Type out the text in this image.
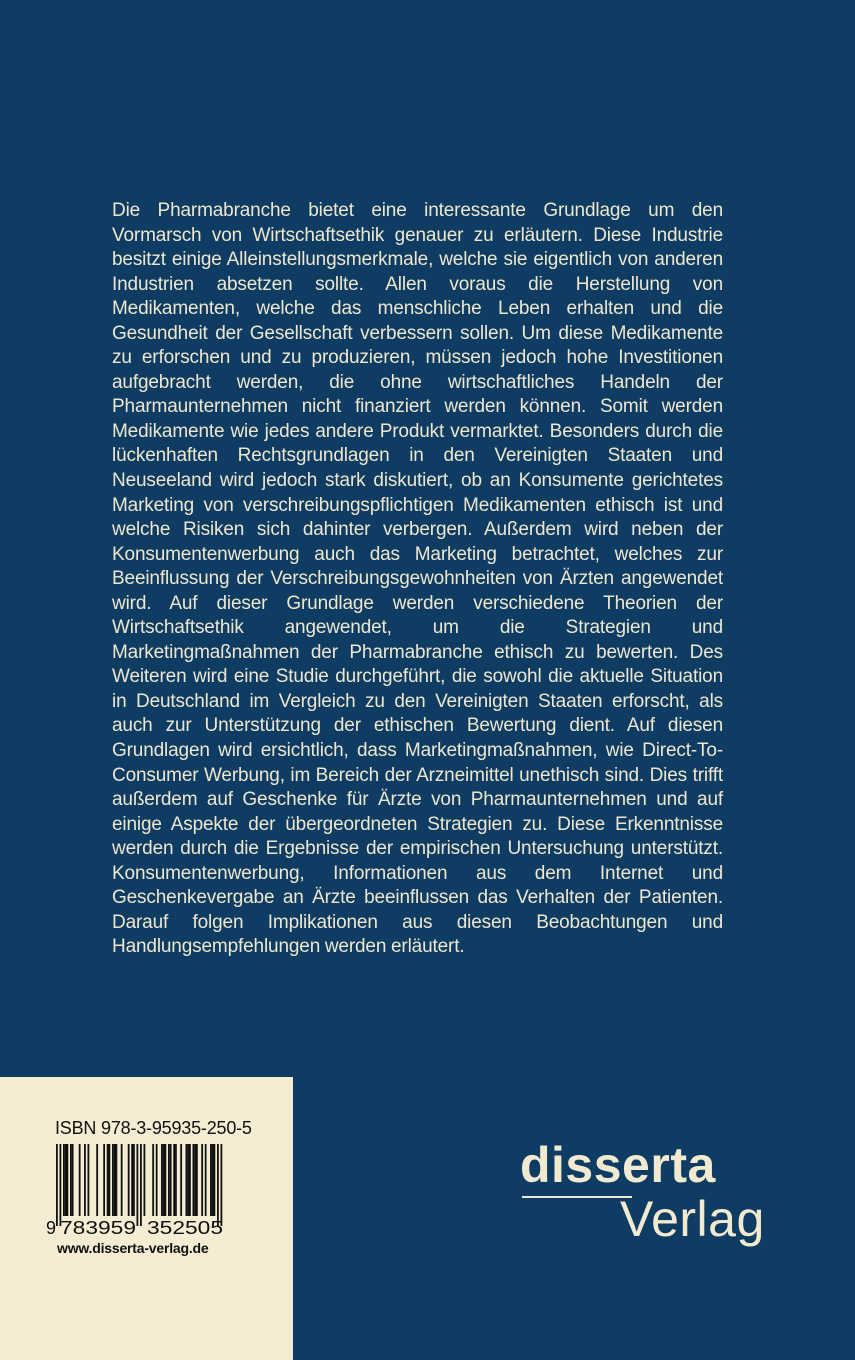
Die Pharmabranche bietet eine interessante Grundlage um den Vormarsch von Wirtschaftsethik genauer zu erläutern. Diese Industrie besitzt einige Alleinstellungsmerkmale, welche sie eigentlich von anderen Industrien absetzen sollte. Allen voraus die Herstellung von Medikamenten, welche das menschliche Leben erhalten und die Gesundheit der Gesellschaft verbessern sollen. Um diese Medikamente zu erforschen und zu produzieren, müssen jedoch hohe Investitionen aufgebracht werden, die ohne wirtschaftliches Handeln der Pharmaunternehmen nicht finanziert werden können. Somit werden Medikamente wie jedes andere Produkt vermarktet. Besonders durch die lückenhaften Rechtsgrundlagen in den Vereinigten Staaten und Neuseeland wird jedoch stark diskutiert, ob an Konsumente gerichtetes Marketing von verschreibungspflichtigen Medikamenten ethisch ist und welche Risiken sich dahinter verbergen. Außerdem wird neben der Konsumentenwerbung auch das Marketing betrachtet, welches zur Beeinflussung der Verschreibungsgewohnheiten von Ärzten angewendet wird. Auf dieser Grundlage werden verschiedene Theorien der Wirtschaftsethik angewendet, um die Strategien und Marketingmaßnahmen der Pharmabranche ethisch zu bewerten. Des Weiteren wird eine Studie durchgeführt, die sowohl die aktuelle Situation in Deutschland im Vergleich zu den Vereinigten Staaten erforscht, als auch zur Unterstützung der ethischen Bewertung dient. Auf diesen Grundlagen wird ersichtlich, dass Marketingmaßnahmen, wie Direct-To-Consumer Werbung, im Bereich der Arzneimittel unethisch sind. Dies trifft außerdem auf Geschenke für Ärzte von Pharmaunternehmen und auf einige Aspekte der übergeordneten Strategien zu. Diese Erkenntnisse werden durch die Ergebnisse der empirischen Untersuchung unterstützt. Konsumentenwerbung, Informationen aus dem Internet und Geschenkevergabe an Ärzte beeinflussen das Verhalten der Patienten. Darauf folgen Implikationen aus diesen Beobachtungen und Handlungsempfehlungen werden erläutert.

ISBN 978-3-95935-250-5
9 783959 352505
www.disserta-verlag.de
disserta
Verlag
